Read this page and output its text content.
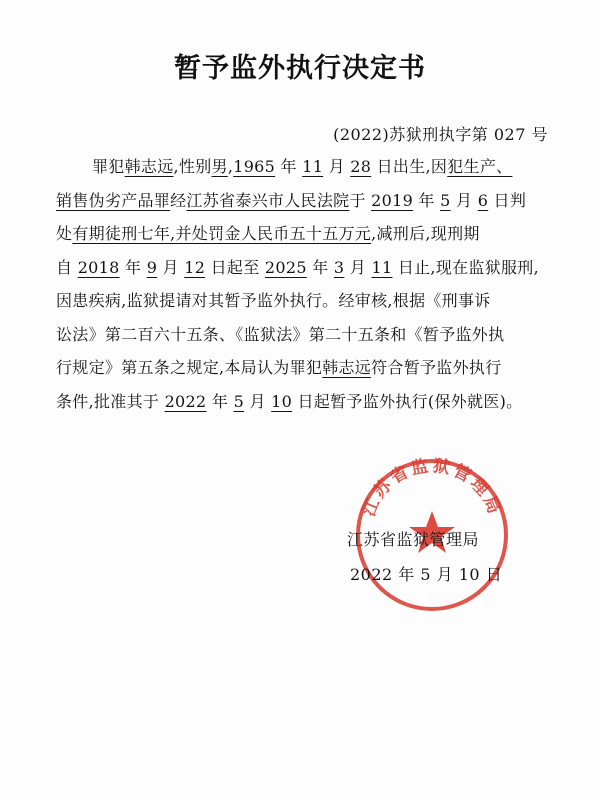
暂予监外执行决定书
(2022)苏狱刑执字第 027 号
罪犯韩志远,性别男,1965 年 11 月 28 日出生,因犯生产、
销售伪劣产品罪经江苏省泰兴市人民法院于 2019 年 5 月 6 日判
处有期徒刑七年,并处罚金人民币五十五万元,减刑后,现刑期
自 2018 年 9 月 12 日起至 2025 年 3 月 11 日止,现在监狱服刑,
因患疾病,监狱提请对其暂予监外执行。经审核,根据《刑事诉
讼法》第二百六十五条、《监狱法》第二十五条和《暂予监外执
行规定》第五条之规定,本局认为罪犯韩志远符合暂予监外执行
条件,批准其于 2022 年 5 月 10 日起暂予监外执行(保外就医)。
江苏省监狱管理局
江苏省监狱管理局
2022 年 5 月 10 日
